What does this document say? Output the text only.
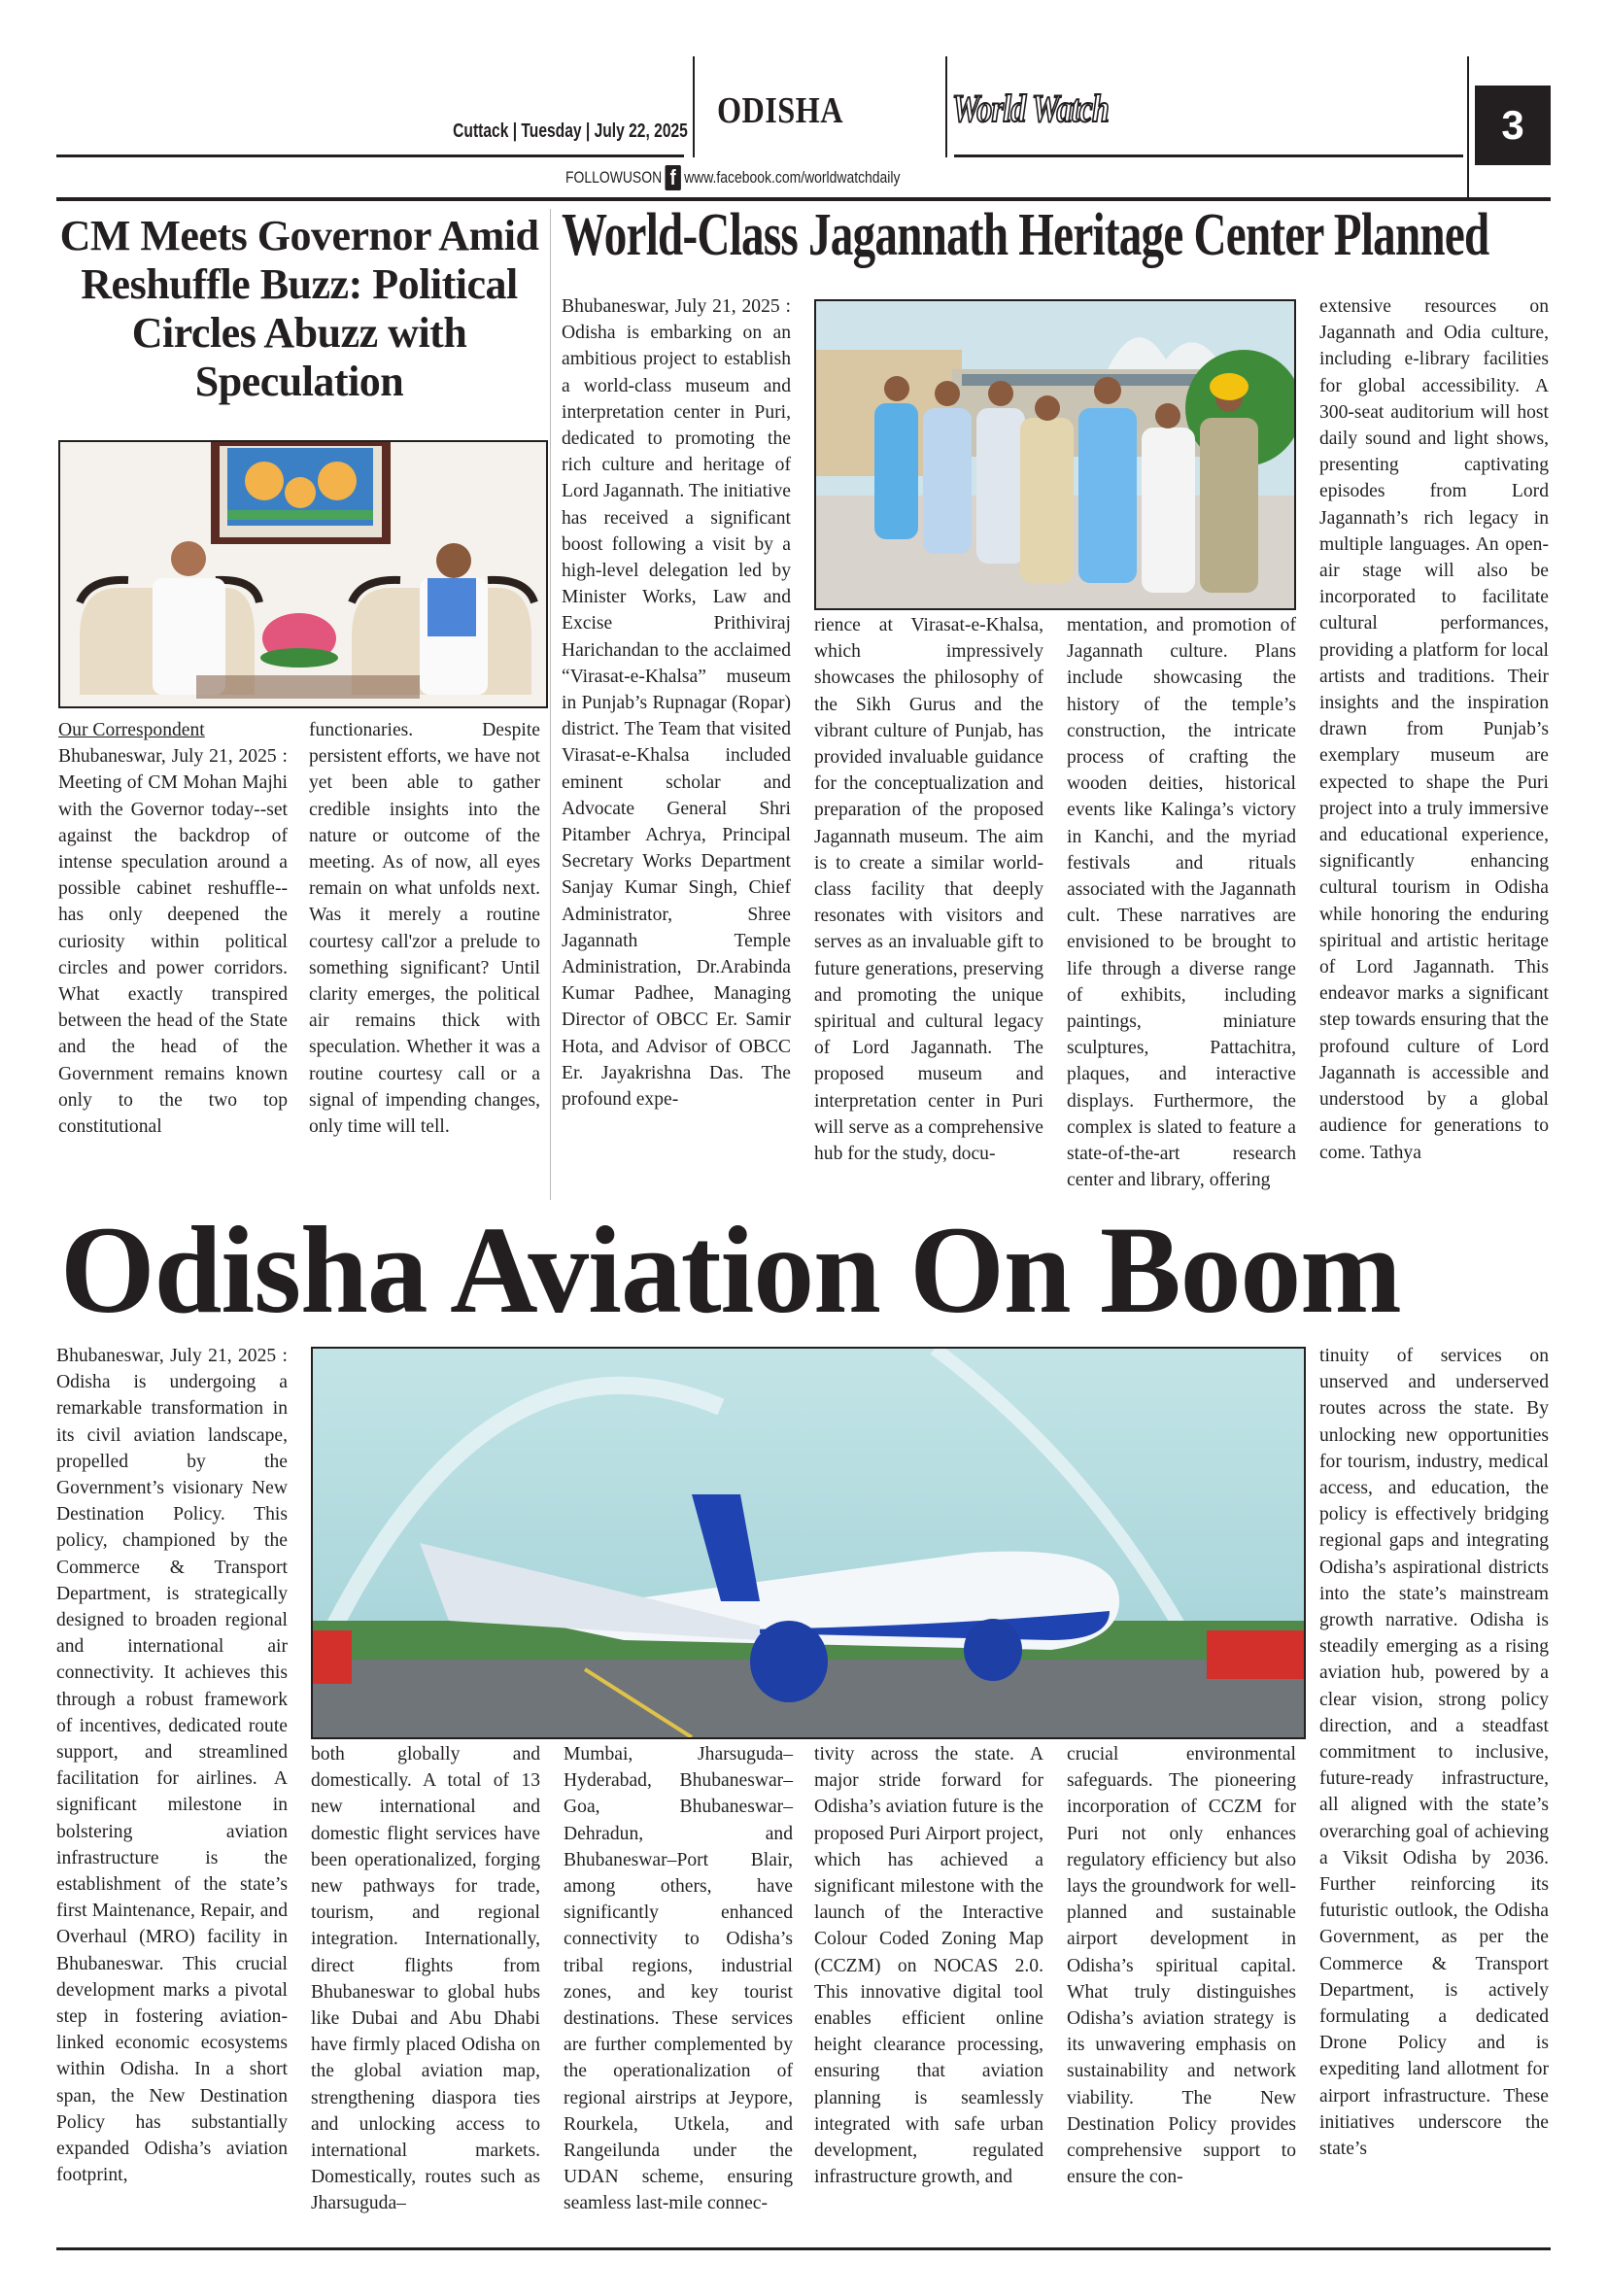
Cuttack | Tuesday | July 22, 2025 ODISHA	World Watch	3
FOLLOWUSON f www.facebook.com/worldwatchdaily
CM Meets Governor Amid Reshuffle Buzz: Political Circles Abuzz with Speculation
Our Correspondent

Bhubaneswar, July 21, 2025 : Meeting of CM Mohan Majhi with the Governor today--set against the backdrop of intense speculation around a possible cabinet reshuffle--has only deepened the curiosity within political circles and power corridors. What exactly transpired between the head of the State and the head of the Government remains known only to the two top constitutional

functionaries. Despite persistent efforts, we have not yet been able to gather credible insights into the nature or outcome of the meeting. As of now, all eyes remain on what unfolds next. Was it merely a routine courtesy call'zor a prelude to something significant? Until clarity emerges, the political air remains thick with speculation. Whether it was a routine courtesy call or a signal of impending changes, only time will tell.

World-Class Jagannath Heritage Center Planned

Bhubaneswar, July 21, 2025 : Odisha is embarking on an ambitious project to establish a world-class museum and interpretation center in Puri, dedicated to promoting the rich culture and heritage of Lord Jagannath. The initiative has received a significant boost following a visit by a high-level delegation led by Minister Works, Law and Excise Prithiviraj Harichandan to the acclaimed “Virasat-e-Khalsa” museum in Punjab’s Rupnagar (Ropar) district. The Team that visited Virasat-e-Khalsa included eminent scholar and Advocate General Shri Pitamber Achrya, Principal Secretary Works Department Sanjay Kumar Singh, Chief Administrator, Shree Jagannath Temple Administration, Dr.Arabinda Kumar Padhee, Managing Director of OBCC Er. Samir Hota, and Advisor of OBCC Er. Jayakrishna Das. The profound expe-

rience at Virasat-e-Khalsa, which impressively showcases the philosophy of the Sikh Gurus and the vibrant culture of Punjab, has provided invaluable guidance for the conceptualization and preparation of the proposed Jagannath museum. The aim is to create a similar world-class facility that deeply resonates with visitors and serves as an invaluable gift to future generations, preserving and promoting the unique spiritual and cultural legacy of Lord Jagannath. The proposed museum and interpretation center in Puri will serve as a comprehensive hub for the study, docu-

mentation, and promotion of Jagannath culture. Plans include showcasing the history of the temple’s construction, the intricate process of crafting the wooden deities, historical events like Kalinga’s victory in Kanchi, and the myriad festivals and rituals associated with the Jagannath cult. These narratives are envisioned to be brought to life through a diverse range of exhibits, including paintings, miniature sculptures, Pattachitra, plaques, and interactive displays. Furthermore, the complex is slated to feature a state-of-the-art research center and library, offering

extensive resources on Jagannath and Odia culture, including e-library facilities for global accessibility. A 300-seat auditorium will host daily sound and light shows, presenting captivating episodes from Lord Jagannath’s rich legacy in multiple languages. An open-air stage will also be incorporated to facilitate cultural performances, providing a platform for local artists and traditions. Their insights and the inspiration drawn from Punjab’s exemplary museum are expected to shape the Puri project into a truly immersive and educational experience, significantly enhancing cultural tourism in Odisha while honoring the enduring spiritual and artistic heritage of Lord Jagannath. This endeavor marks a significant step towards ensuring that the profound culture of Lord Jagannath is accessible and understood by a global audience for generations to come. Tathya

Odisha Aviation On Boom

Bhubaneswar, July 21, 2025 : Odisha is undergoing a remarkable transformation in its civil aviation landscape, propelled by the Government’s visionary New Destination Policy. This policy, championed by the Commerce & Transport Department, is strategically designed to broaden regional and international air connectivity. It achieves this through a robust framework of incentives, dedicated route support, and streamlined facilitation for airlines. A significant milestone in bolstering aviation infrastructure is the establishment of the state’s first Maintenance, Repair, and Overhaul (MRO) facility in Bhubaneswar. This crucial development marks a pivotal step in fostering aviation-linked economic ecosystems within Odisha. In a short span, the New Destination Policy has substantially expanded Odisha’s aviation footprint,

both globally and domestically. A total of 13 new international and domestic flight services have been operationalized, forging new pathways for trade, tourism, and regional integration. Internationally, direct flights from Bhubaneswar to global hubs like Dubai and Abu Dhabi have firmly placed Odisha on the global aviation map, strengthening diaspora ties and unlocking access to international markets. Domestically, routes such as Jharsuguda–

Mumbai, Jharsuguda–Hyderabad, Bhubaneswar–Goa, Bhubaneswar–Dehradun, and Bhubaneswar–Port Blair, among others, have significantly enhanced connectivity to Odisha’s tribal regions, industrial zones, and key tourist destinations. These services are further complemented by the operationalization of regional airstrips at Jeypore, Rourkela, Utkela, and Rangeilunda under the UDAN scheme, ensuring seamless last-mile connec-

tivity across the state. A major stride forward for Odisha’s aviation future is the proposed Puri Airport project, which has achieved a significant milestone with the launch of the Interactive Colour Coded Zoning Map (CCZM) on NOCAS 2.0. This innovative digital tool enables efficient online height clearance processing, ensuring that aviation planning is seamlessly integrated with safe urban development, regulated infrastructure growth, and

crucial environmental safeguards. The pioneering incorporation of CCZM for Puri not only enhances regulatory efficiency but also lays the groundwork for well-planned and sustainable airport development in Odisha’s spiritual capital. What truly distinguishes Odisha’s aviation strategy is its unwavering emphasis on sustainability and network viability. The New Destination Policy provides comprehensive support to ensure the con-

tinuity of services on unserved and underserved routes across the state. By unlocking new opportunities for tourism, industry, medical access, and education, the policy is effectively bridging regional gaps and integrating Odisha’s aspirational districts into the state’s mainstream growth narrative. Odisha is steadily emerging as a rising aviation hub, powered by a clear vision, strong policy direction, and a steadfast commitment to inclusive, future-ready infrastructure, all aligned with the state’s overarching goal of achieving a Viksit Odisha by 2036. Further reinforcing its futuristic outlook, the Odisha Government, as per the Commerce & Transport Department, is actively formulating a dedicated Drone Policy and is expediting land allotment for airport infrastructure. These initiatives underscore the state’s
